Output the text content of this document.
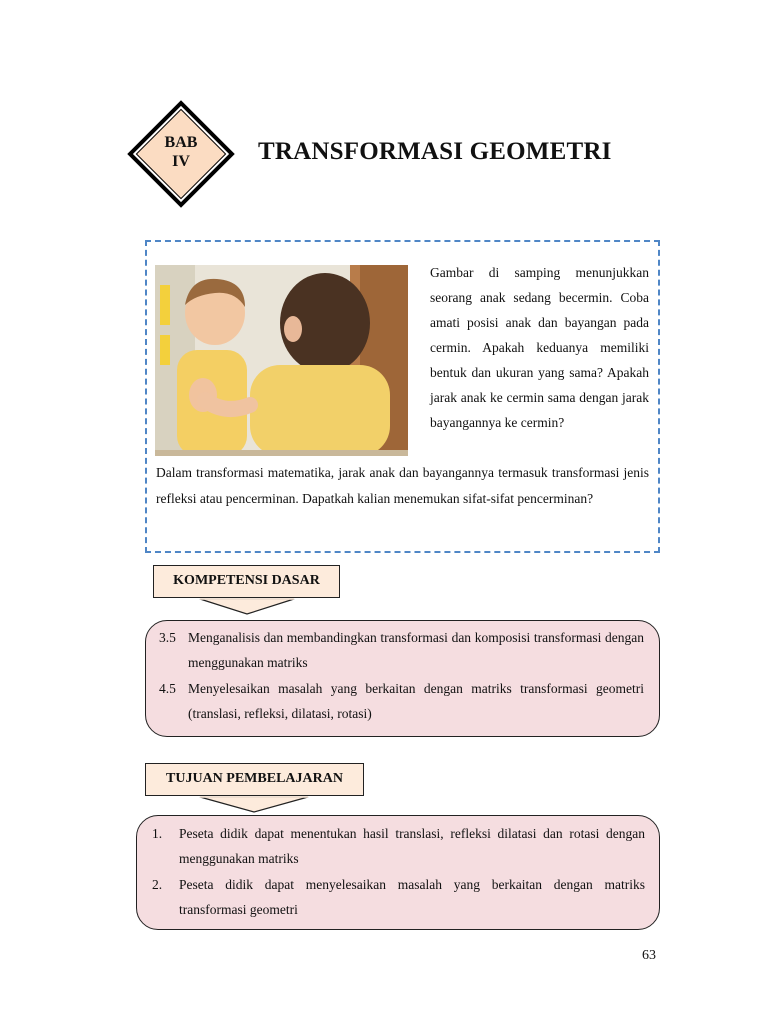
BAB
IV	TRANSFORMASI GEOMETRI

Gambar di samping menunjukkan seorang anak sedang becermin. Coba amati posisi anak dan bayangan pada cermin. Apakah keduanya memiliki bentuk dan ukuran yang sama? Apakah jarak anak ke cermin sama dengan jarak bayangannya ke cermin?

Dalam transformasi matematika, jarak anak dan bayangannya termasuk transformasi jenis refleksi atau pencerminan. Dapatkah kalian menemukan sifat-sifat pencerminan?

KOMPETENSI DASAR
3.5 Menganalisis dan membandingkan transformasi dan komposisi transformasi dengan menggunakan matriks
4.5 Menyelesaikan masalah yang berkaitan dengan matriks transformasi geometri (translasi, refleksi, dilatasi, rotasi)
TUJUAN PEMBELAJARAN
1. Peseta didik dapat menentukan hasil translasi, refleksi dilatasi dan rotasi dengan menggunakan matriks
2. Peseta didik dapat menyelesaikan masalah yang berkaitan dengan matriks transformasi geometri
63
